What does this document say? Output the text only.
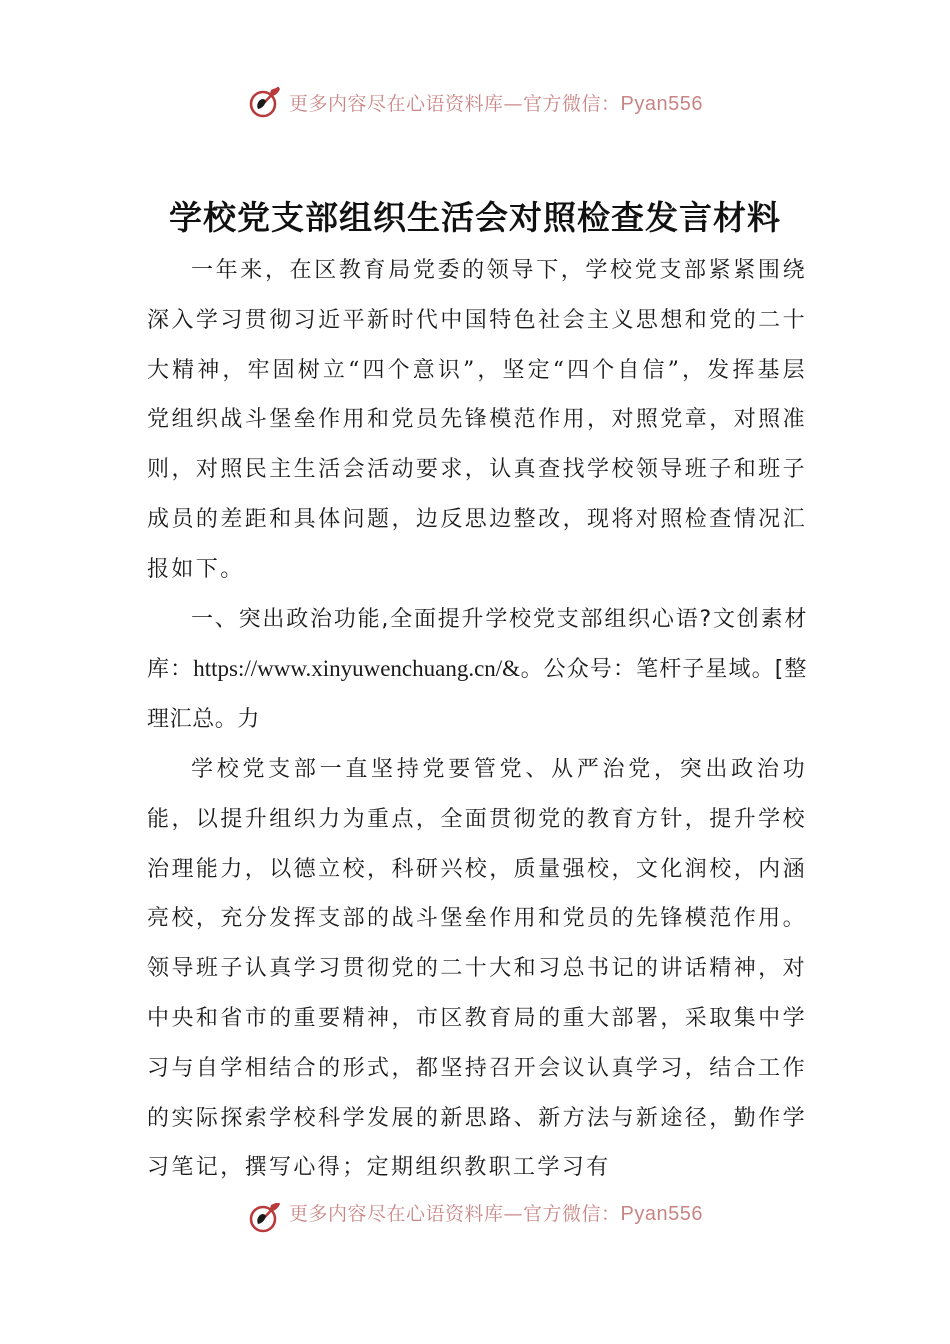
更多内容尽在心语资料库—官方微信：Pyan556
学校党支部组织生活会对照检查发言材料

一年来，在区教育局党委的领导下，学校党支部紧紧围绕深入学习贯彻习近平新时代中国特色社会主义思想和党的二十大精神，牢固树立“四个意识”，坚定“四个自信”，发挥基层党组织战斗堡垒作用和党员先锋模范作用，对照党章，对照准则，对照民主生活会活动要求，认真查找学校领导班子和班子成员的差距和具体问题，边反思边整改，现将对照检查情况汇报如下。

一、突出政治功能,全面提升学校党支部组织心语?文创素材库：https://www.xinyuwenchuang.cn/&。公众号：笔杆子星域。[整理汇总。力

学校党支部一直坚持党要管党、从严治党，突出政治功能，以提升组织力为重点，全面贯彻党的教育方针，提升学校治理能力，以德立校，科研兴校，质量强校，文化润校，内涵亮校，充分发挥支部的战斗堡垒作用和党员的先锋模范作用。领导班子认真学习贯彻党的二十大和习总书记的讲话精神，对中央和省市的重要精神，市区教育局的重大部署，采取集中学习与自学相结合的形式，都坚持召开会议认真学习，结合工作的实际探索学校科学发展的新思路、新方法与新途径，勤作学习笔记，撰写心得；定期组织教职工学习有

更多内容尽在心语资料库—官方微信：Pyan556
